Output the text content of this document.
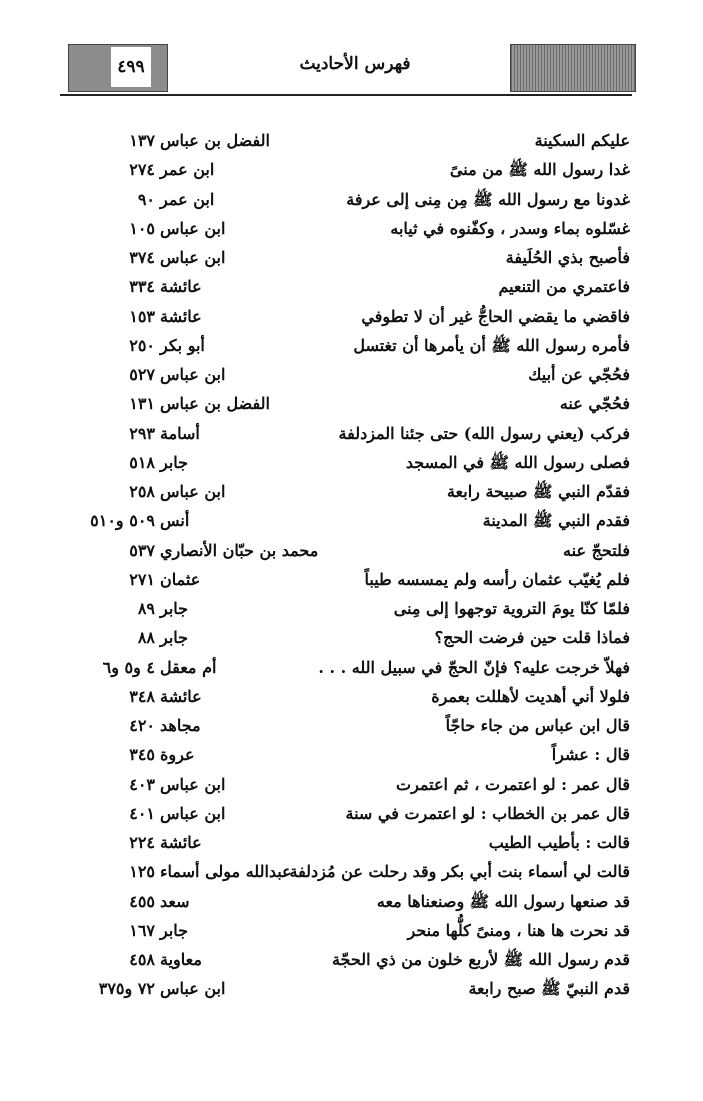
٤٩٩	فهرس الأحاديث
عليكم السكينة
الفضل بن عباس
١٣٧
غدا رسول الله ﷺ من منىً
ابن عمر
٢٧٤
غدونا مع رسول الله ﷺ مِن مِنى إلى عرفة
ابن عمر
٩٠
غسّلوه بماء وسدر ، وكفّنوه في ثيابه
ابن عباس
١٠٥
فأصبح بذي الحُلَيفة
ابن عباس
٣٧٤
فاعتمري من التنعيم
عائشة
٣٣٤
فاقضي ما يقضي الحاجُّ غير أن لا تطوفي
عائشة
١٥٣
فأمره رسول الله ﷺ أن يأمرها أن تغتسل
أبو بكر
٢٥٠
فحُجّي عن أبيك
ابن عباس
٥٢٧
فحُجّي عنه
الفضل بن عباس
١٣١
فركب (يعني رسول الله) حتى جئنا المزدلفة
أسامة
٢٩٣
فصلى رسول الله ﷺ في المسجد
جابر
٥١٨
فقدّم النبي ﷺ صبيحة رابعة
ابن عباس
٢٥٨
فقدم النبي ﷺ المدينة
أنس
٥٠٩ و٥١٠
فلتحجّ عنه
محمد بن حبّان الأنصاري
٥٣٧
فلم يُغيّب عثمان رأسه ولم يمسسه طيباً
عثمان
٢٧١
فلمّا كنّا يومَ التروية توجهوا إلى مِنى
جابر
٨٩
فماذا قلت حين فرضت الحج؟
جابر
٨٨
فهلاّ خرجت عليه؟ فإنّ الحجّ في سبيل الله . . .
أم معقل
٤ و٥ و٦
فلولا أني أهديت لأهللت بعمرة
عائشة
٣٤٨
قال ابن عباس من جاء حاجّاً
مجاهد
٤٢٠
قال : عشراً
عروة
٣٤٥
قال عمر : لو اعتمرت ، ثم اعتمرت
ابن عباس
٤٠٣
قال عمر بن الخطاب : لو اعتمرت في سنة
ابن عباس
٤٠١
قالت : بأطيب الطيب
عائشة
٢٢٤
قالت لي أسماء بنت أبي بكر وقد رحلت عن مُزدلفة
عبدالله مولى أسماء
١٢٥
قد صنعها رسول الله ﷺ وصنعناها معه
سعد
٤٥٥
قد نحرت ها هنا ، ومنىً كلُّها منحر
جابر
١٦٧
قدم رسول الله ﷺ لأربع خلون من ذي الحجّة
معاوية
٤٥٨
قدم النبيّ ﷺ صبح رابعة
ابن عباس
٧٢ و٣٧٥
